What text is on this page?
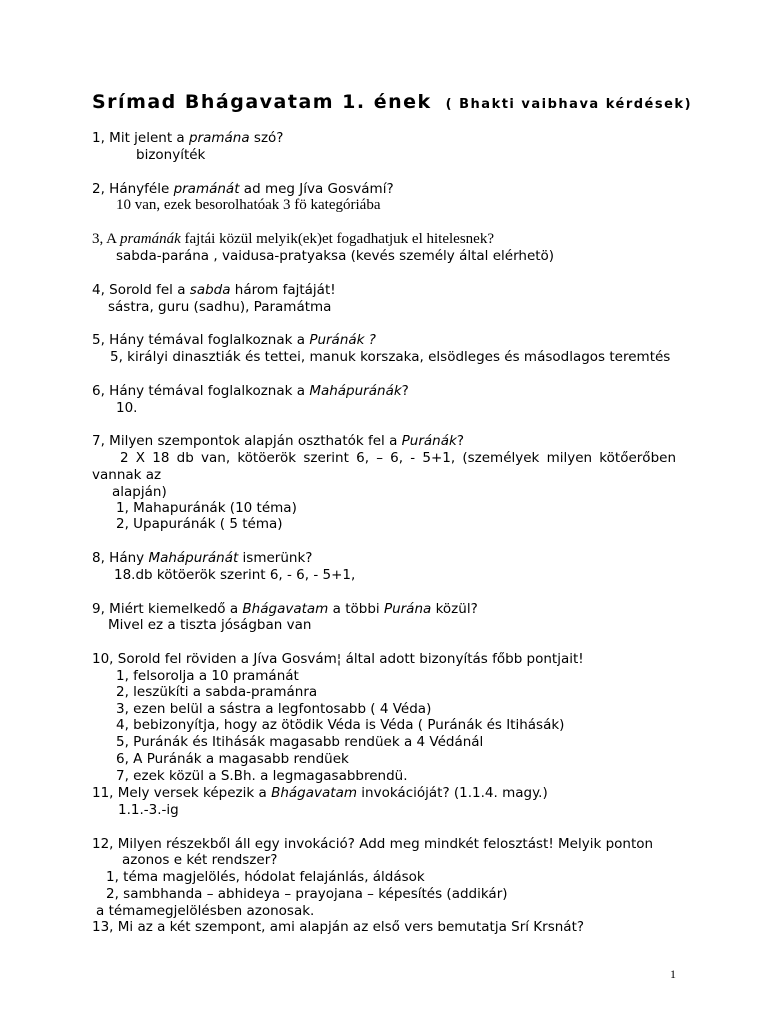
Srímad Bhágavatam 1. ének ( Bhakti vaibhava kérdések)
1, Mit jelent a pramána szó?
bizonyíték
2, Hányféle pramánát ad meg Jíva Gosvámí?
10 van, ezek besorolhatóak 3 fö kategóriába
3, A pramánák fajtái közül melyik(ek)et fogadhatjuk el hitelesnek?
sabda-parána , vaidusa-pratyaksa (kevés személy által elérhetö)
4, Sorold fel a sabda három fajtáját!
sástra, guru (sadhu), Paramátma
5, Hány témával foglalkoznak a Puránák ?
5, királyi dinasztiák és tettei, manuk korszaka, elsödleges és másodlagos teremtés
6, Hány témával foglalkoznak a Mahápuránák?
10.
7, Milyen szempontok alapján oszthatók fel a Puránák?
2 X 18 db van, kötöerök szerint 6, – 6, - 5+1, (személyek milyen kötőerőben
vannak az
alapján)
1, Mahapuránák (10 téma)
2, Upapuránák ( 5 téma)
8, Hány Mahápuránát ismerünk?
18.db kötöerök szerint 6, - 6, - 5+1,
9, Miért kiemelkedő a Bhágavatam a többi Purána közül?
Mivel ez a tiszta jóságban van
10, Sorold fel röviden a Jíva Gosvám¦ által adott bizonyítás főbb pontjait!
1, felsorolja a 10 pramánát
2, leszükíti a sabda-pramánra
3, ezen belül a sástra a legfontosabb ( 4 Véda)
4, bebizonyítja, hogy az ötödik Véda is Véda ( Puránák és Itihásák)
5, Puránák és Itihásák magasabb rendüek a 4 Védánál
6, A Puránák a magasabb rendüek
7, ezek közül a S.Bh. a legmagasabbrendü.
11, Mely versek képezik a Bhágavatam invokációját? (1.1.4. magy.)
1.1.-3.-ig
12, Milyen részekből áll egy invokáció? Add meg mindkét felosztást! Melyik ponton
azonos e két rendszer?
1, téma magjelölés, hódolat felajánlás, áldások
2, sambhanda – abhideya – prayojana – képesítés (addikár)
a témamegjelölésben azonosak.
13, Mi az a két szempont, ami alapján az első vers bemutatja Srí Krsnát?
1
